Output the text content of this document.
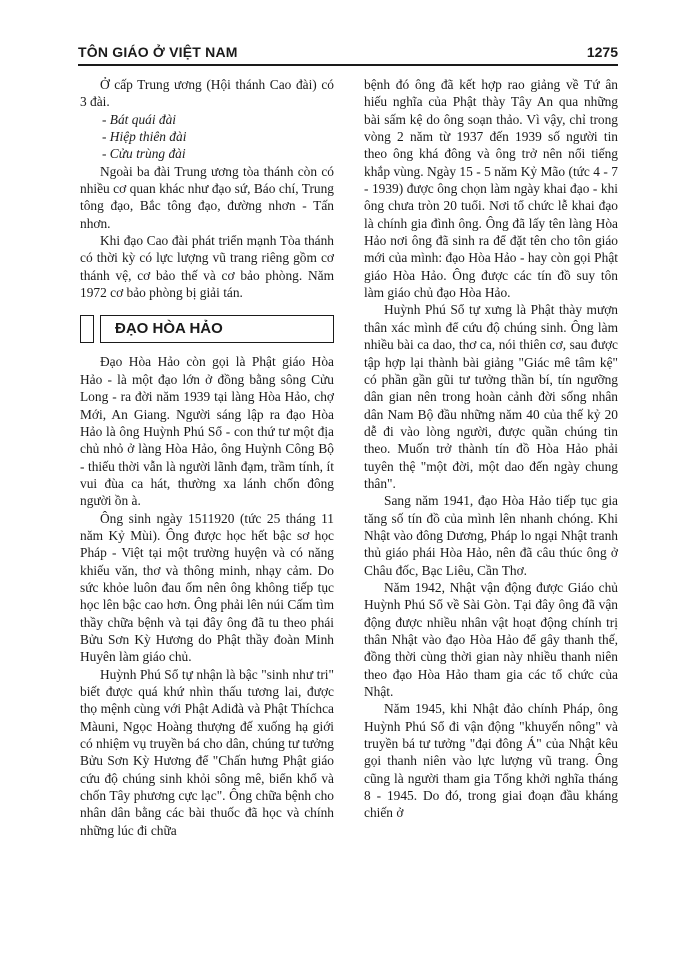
TÔN GIÁO Ở VIỆT NAM	1275

Ở cấp Trung ương (Hội thánh Cao đài) có 3 đài.

- Bát quái đài

- Hiệp thiên đài

- Cửu trùng đài

Ngoài ba đài Trung ương tòa thánh còn có nhiều cơ quan khác như đạo sứ, Báo chí, Trung tông đạo, Bắc tông đạo, đường nhơn - Tấn nhơn.

Khi đạo Cao đài phát triển mạnh Tòa thánh có thời kỳ có lực lượng vũ trang riêng gồm cơ thánh vệ, cơ bảo thế và cơ bảo phòng. Năm 1972 cơ bảo phòng bị giải tán.

ĐẠO HÒA HẢO

Đạo Hòa Hảo còn gọi là Phật giáo Hòa Hảo - là một đạo lớn ở đồng bằng sông Cửu Long - ra đời năm 1939 tại làng Hòa Hảo, chợ Mới, An Giang. Người sáng lập ra đạo Hòa Hảo là ông Huỳnh Phú Sổ - con thứ tư một địa chủ nhỏ ở làng Hòa Hảo, ông Huỳnh Công Bộ - thiếu thời vẫn là người lãnh đạm, trầm tính, ít vui đùa ca hát, thường xa lánh chốn đông người ồn à.

Ông sinh ngày 1511920 (tức 25 tháng 11 năm Kỷ Mùi). Ông được học hết bậc sơ học Pháp - Việt tại một trường huyện và có năng khiếu văn, thơ và thông minh, nhạy cảm. Do sức khỏe luôn đau ốm nên ông không tiếp tục học lên bậc cao hơn. Ông phải lên núi Cấm tìm thầy chữa bệnh và tại đây ông đã tu theo phái Bửu Sơn Kỳ Hương do Phật thầy đoàn Minh Huyên làm giáo chủ.

Huỳnh Phú Sổ tự nhận là bậc "sinh như tri" biết được quá khứ nhìn thấu tương lai, được thọ mệnh cùng với Phật Adiđà và Phật Thíchca Màuni, Ngọc Hoàng thượng đế xuống hạ giới có nhiệm vụ truyền bá cho dân, chúng tư tưởng Bửu Sơn Kỳ Hương để "Chấn hưng Phật giáo cứu độ chúng sinh khỏi sông mê, biển khổ và chốn Tây phương cực lạc". Ông chữa bệnh cho nhân dân bằng các bài thuốc đã học và chính những lúc đi chữa

bệnh đó ông đã kết hợp rao giảng về Tứ ân hiếu nghĩa của Phật thày Tây An qua những bài sấm kệ do ông soạn thảo. Vì vậy, chỉ trong vòng 2 năm từ 1937 đến 1939 số người tin theo ông khá đông và ông trở nên nổi tiếng khắp vùng. Ngày 15 - 5 năm Kỷ Mão (tức 4 - 7 - 1939) được ông chọn làm ngày khai đạo - khi ông chưa tròn 20 tuổi. Nơi tổ chức lễ khai đạo là chính gia đình ông. Ông đã lấy tên làng Hòa Hảo nơi ông đã sinh ra để đặt tên cho tôn giáo mới của mình: đạo Hòa Hảo - hay còn gọi Phật giáo Hòa Hảo. Ông được các tín đồ suy tôn làm giáo chủ đạo Hòa Hảo.

Huỳnh Phú Sổ tự xưng là Phật thày mượn thân xác mình để cứu độ chúng sinh. Ông làm nhiều bài ca dao, thơ ca, nói thiên cơ, sau được tập hợp lại thành bài giảng "Giác mê tâm kệ" có phần gần gũi tư tưởng thần bí, tín ngưỡng dân gian nên trong hoàn cảnh đời sống nhân dân Nam Bộ đầu những năm 40 của thế kỷ 20 dễ đi vào lòng người, được quần chúng tin theo. Muốn trở thành tín đồ Hòa Hảo phải tuyên thệ "một đời, một dao đến ngày chung thân".

Sang năm 1941, đạo Hòa Hảo tiếp tục gia tăng số tín đồ của mình lên nhanh chóng. Khi Nhật vào đông Dương, Pháp lo ngại Nhật tranh thủ giáo phái Hòa Hảo, nên đã câu thúc ông ở Châu đốc, Bạc Liêu, Cần Thơ.

Năm 1942, Nhật vận động được Giáo chủ Huỳnh Phú Sổ về Sài Gòn. Tại đây ông đã vận động được nhiều nhân vật hoạt động chính trị thân Nhật vào đạo Hòa Hảo để gây thanh thế, đồng thời cùng thời gian này nhiều thanh niên theo đạo Hòa Hảo tham gia các tổ chức của Nhật.

Năm 1945, khi Nhật đảo chính Pháp, ông Huỳnh Phú Sổ đi vận động "khuyến nông" và truyền bá tư tưởng "đại đông Á" của Nhật kêu gọi thanh niên vào lực lượng vũ trang. Ông cũng là người tham gia Tổng khởi nghĩa tháng 8 - 1945. Do đó, trong giai đoạn đầu kháng chiến ở
